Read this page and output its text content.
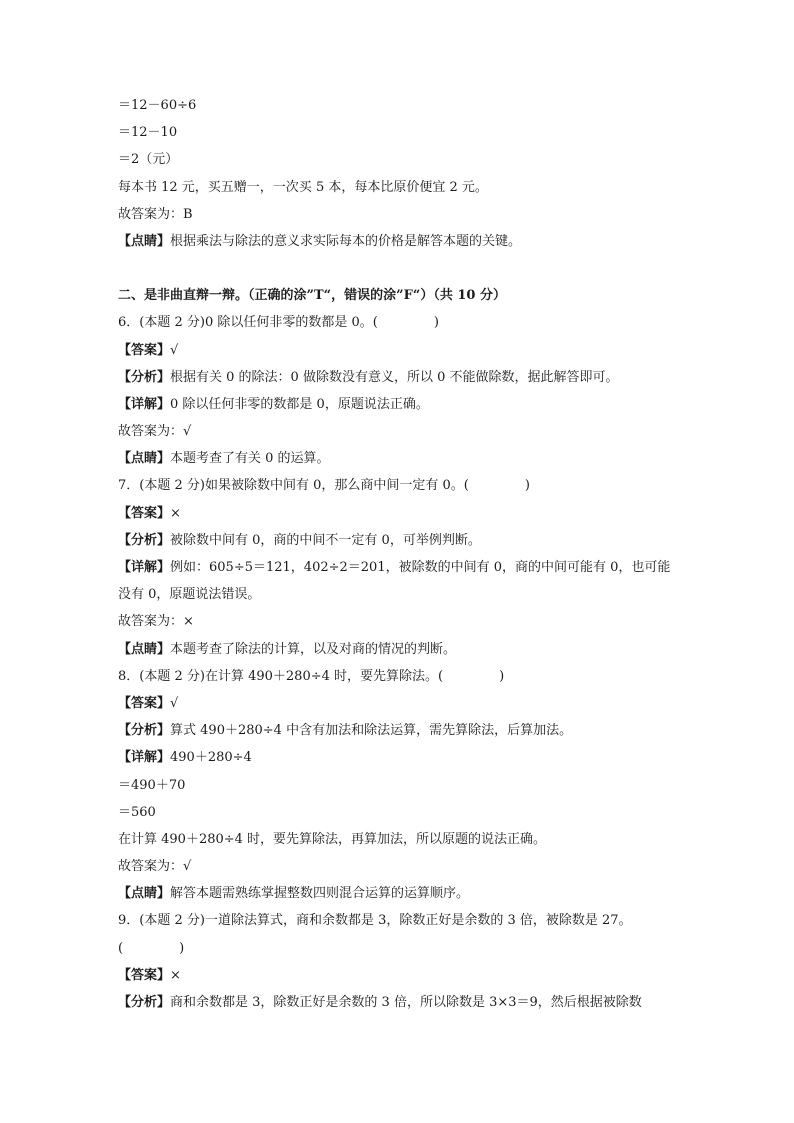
＝12－60÷6
＝12－10
＝2（元）
每本书 12 元，买五赠一，一次买 5 本，每本比原价便宜 2 元。
故答案为：B
【点睛】根据乘法与除法的意义求实际每本的价格是解答本题的关键。
二、是非曲直辩一辩。（正确的涂”T“，错误的涂”F“）（共 10 分）
6．(本题 2 分)0 除以任何非零的数都是 0。(	)
【答案】√
【分析】根据有关 0 的除法：0 做除数没有意义，所以 0 不能做除数，据此解答即可。
【详解】0 除以任何非零的数都是 0，原题说法正确。
故答案为：√
【点睛】本题考查了有关 0 的运算。
7．(本题 2 分)如果被除数中间有 0，那么商中间一定有 0。(	)
【答案】×
【分析】被除数中间有 0，商的中间不一定有 0，可举例判断。
【详解】例如：605÷5＝121，402÷2＝201，被除数的中间有 0，商的中间可能有 0，也可能
没有 0，原题说法错误。
故答案为：×
【点睛】本题考查了除法的计算，以及对商的情况的判断。
8．(本题 2 分)在计算 490＋280÷4 时，要先算除法。(	)
【答案】√
【分析】算式 490＋280÷4 中含有加法和除法运算，需先算除法，后算加法。
【详解】490＋280÷4
＝490＋70
＝560
在计算 490＋280÷4 时，要先算除法，再算加法，所以原题的说法正确。
故答案为：√
【点睛】解答本题需熟练掌握整数四则混合运算的运算顺序。
9．(本题 2 分)一道除法算式，商和余数都是 3，除数正好是余数的 3 倍，被除数是 27。
(	)
【答案】×
【分析】商和余数都是 3，除数正好是余数的 3 倍，所以除数是 3×3＝9，然后根据被除数
